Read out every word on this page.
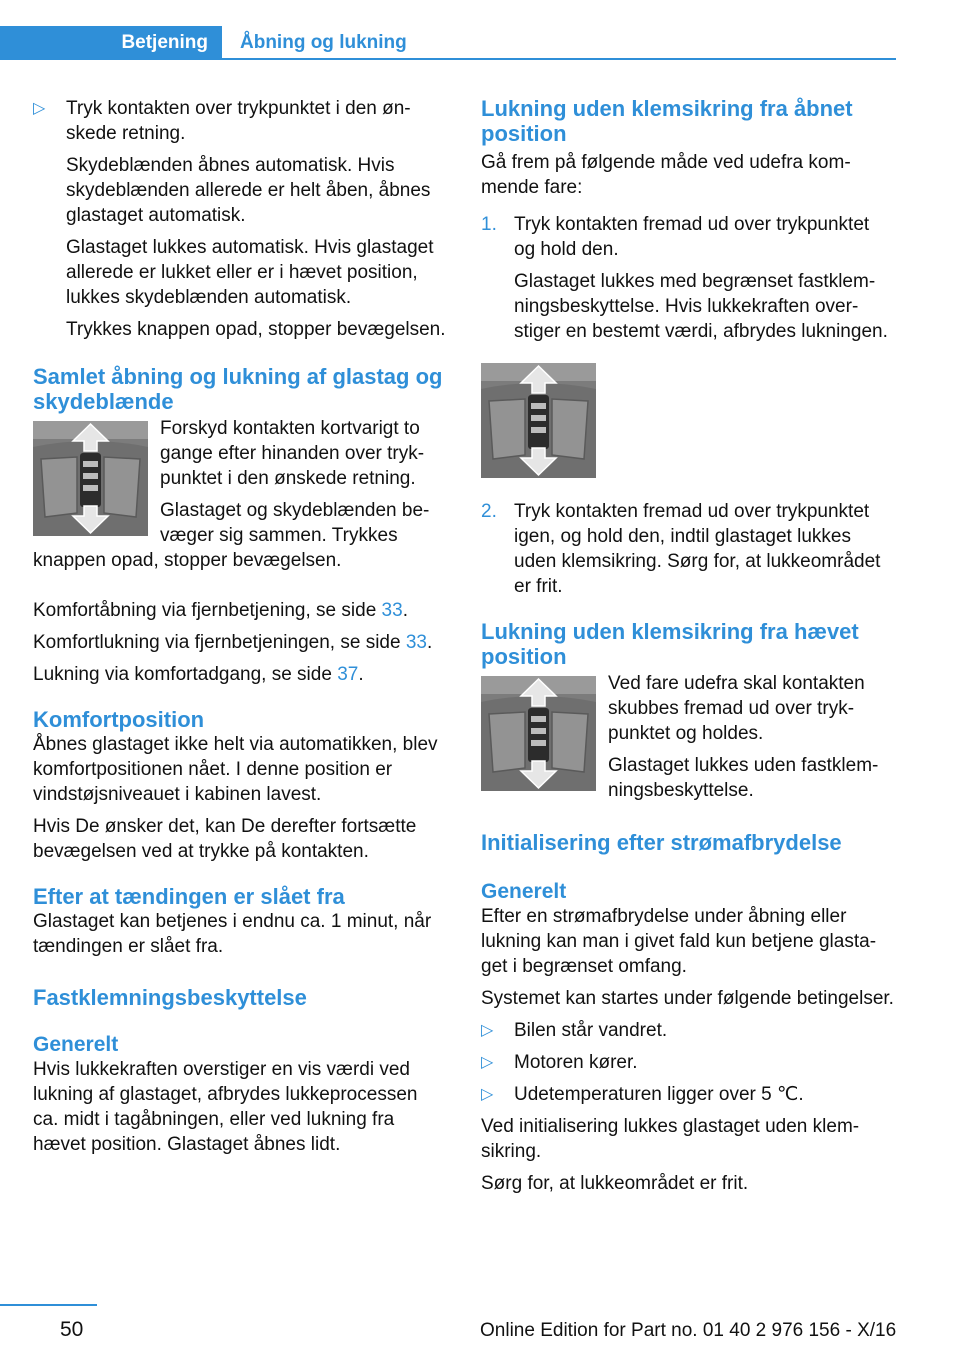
Betjening	Åbning og lukning
▷ Tryk kontakten over trykpunktet i den ønskede retning.

Skydeblænden åbnes automatisk. Hvis skydeblænden allerede er helt åben, åbnes glastaget automatisk.

Glastaget lukkes automatisk. Hvis glastaget allerede er lukket eller er i hævet position, lukkes skydeblænden automatisk.

Trykkes knappen opad, stopper bevægelsen.

Samlet åbning og lukning af glastag og skydeblænde

Forskyd kontakten kortvarigt to gange efter hinanden over trykpunktet i den ønskede retning.

Glastaget og skydeblænden bevæger sig sammen. Trykkes knappen opad, stopper bevægelsen.

Komfortåbning via fjernbetjening, se side 33.

Komfortlukning via fjernbetjeningen, se side 33.

Lukning via komfortadgang, se side 37.

Komfortposition

Åbnes glastaget ikke helt via automatikken, blev komfortpositionen nået. I denne position er vindstøjsniveauet i kabinen lavest.

Hvis De ønsker det, kan De derefter fortsætte bevægelsen ved at trykke på kontakten.

Efter at tændingen er slået fra

Glastaget kan betjenes i endnu ca. 1 minut, når tændingen er slået fra.

Fastklemningsbeskyttelse
Generelt

Hvis lukkekraften overstiger en vis værdi ved lukning af glastaget, afbrydes lukkeprocessen ca. midt i tagåbningen, eller ved lukning fra hævet position. Glastaget åbnes lidt.

Lukning uden klemsikring fra åbnet position

Gå frem på følgende måde ved udefra kommende fare:

1. Tryk kontakten fremad ud over trykpunktet og hold den.

Glastaget lukkes med begrænset fastklemningsbeskyttelse. Hvis lukkekraften overstiger en bestemt værdi, afbrydes lukningen.

2. Tryk kontakten fremad ud over trykpunktet igen, og hold den, indtil glastaget lukkes uden klemsikring. Sørg for, at lukkeområdet er frit.

Lukning uden klemsikring fra hævet position

Ved fare udefra skal kontakten skubbes fremad ud over trykpunktet og holdes.

Glastaget lukkes uden fastklemningsbeskyttelse.

Initialisering efter strømafbrydelse
Generelt

Efter en strømafbrydelse under åbning eller lukning kan man i givet fald kun betjene glastaget i begrænset omfang.

Systemet kan startes under følgende betingelser.

▷ Bilen står vandret.
▷ Motoren kører.
▷ Udetemperaturen ligger over 5 ℃.

Ved initialisering lukkes glastaget uden klemsikring.

Sørg for, at lukkeområdet er frit.

50	Online Edition for Part no. 01 40 2 976 156 - X/16
